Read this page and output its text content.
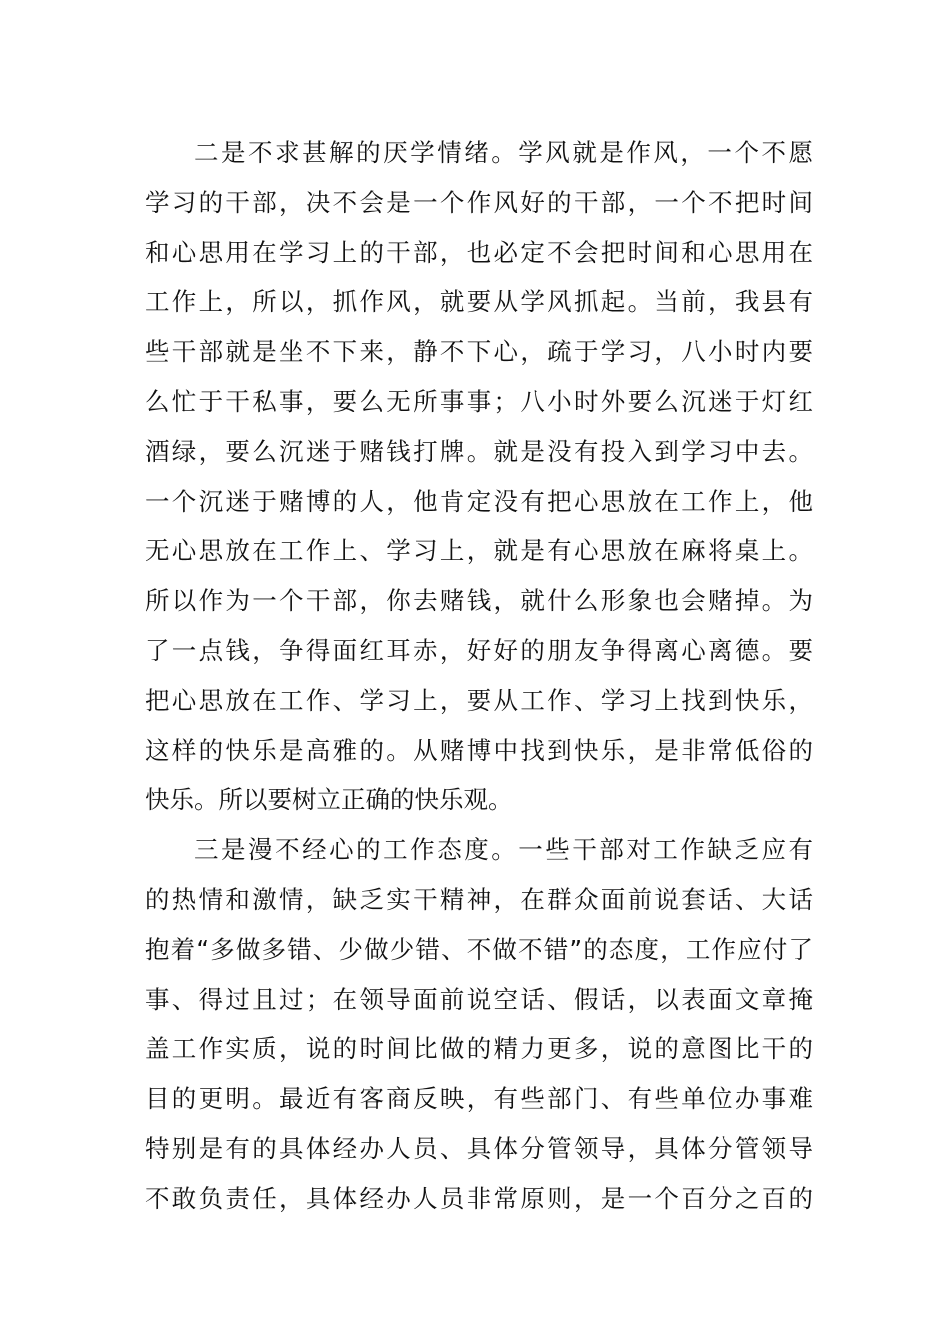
二是不求甚解的厌学情绪。学风就是作风，一个不愿
学习的干部，决不会是一个作风好的干部，一个不把时间
和心思用在学习上的干部，也必定不会把时间和心思用在
工作上，所以，抓作风，就要从学风抓起。当前，我县有
些干部就是坐不下来，静不下心，疏于学习，八小时内要
么忙于干私事，要么无所事事；八小时外要么沉迷于灯红
酒绿，要么沉迷于赌钱打牌。就是没有投入到学习中去。
一个沉迷于赌博的人，他肯定没有把心思放在工作上，他
无心思放在工作上、学习上，就是有心思放在麻将桌上。
所以作为一个干部，你去赌钱，就什么形象也会赌掉。为
了一点钱，争得面红耳赤，好好的朋友争得离心离德。要
把心思放在工作、学习上，要从工作、学习上找到快乐，
这样的快乐是高雅的。从赌博中找到快乐，是非常低俗的
快乐。所以要树立正确的快乐观。
三是漫不经心的工作态度。一些干部对工作缺乏应有
的热情和激情，缺乏实干精神，在群众面前说套话、大话
抱着“多做多错、少做少错、不做不错”的态度，工作应付了
事、得过且过；在领导面前说空话、假话，以表面文章掩
盖工作实质，说的时间比做的精力更多，说的意图比干的
目的更明。最近有客商反映，有些部门、有些单位办事难
特别是有的具体经办人员、具体分管领导，具体分管领导
不敢负责任，具体经办人员非常原则，是一个百分之百的
